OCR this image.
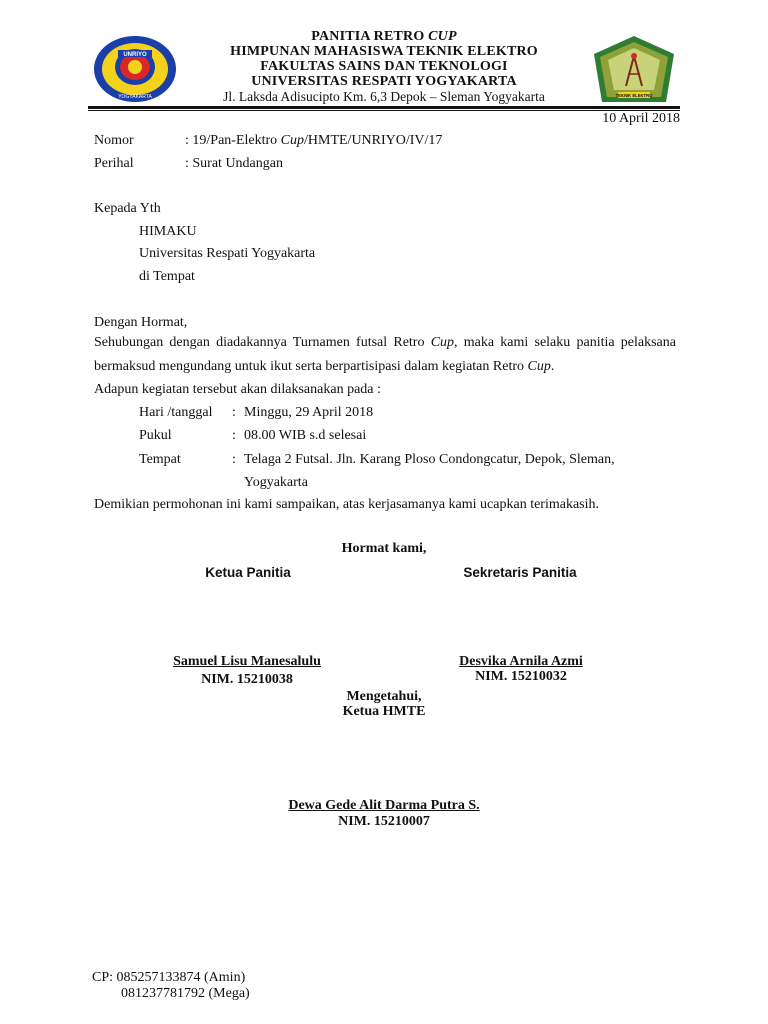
UNRIYO
YOGYAKARTA	TEKNIK ELEKTRO
PANITIA RETRO CUP
HIMPUNAN MAHASISWA TEKNIK ELEKTRO
FAKULTAS SAINS DAN TEKNOLOGI
UNIVERSITAS RESPATI YOGYAKARTA
Jl. Laksda Adisucipto Km. 6,3 Depok – Sleman Yogyakarta
10 April 2018
Nomor	: 19/Pan-Elektro Cup/HMTE/UNRIYO/IV/17
Perihal	: Surat Undangan
Kepada Yth
HIMAKU
Universitas Respati Yogyakarta
di Tempat
Dengan Hormat,
Sehubungan dengan diadakannya Turnamen futsal Retro Cup, maka kami selaku panitia pelaksana bermaksud mengundang untuk ikut serta berpartisipasi dalam kegiatan Retro Cup.
Adapun kegiatan tersebut akan dilaksanakan pada :
Hari /tanggal : Minggu, 29 April 2018
Pukul	: 08.00 WIB s.d selesai
Tempat	: Telaga 2 Futsal. Jln. Karang Ploso Condongcatur, Depok, Sleman,
Yogyakarta
Demikian permohonan ini kami sampaikan, atas kerjasamanya kami ucapkan terimakasih.
Hormat kami,
Ketua Panitia	Sekretaris Panitia
Samuel Lisu Manesalulu
NIM. 15210038
Desvika Arnila Azmi
NIM. 15210032
Mengetahui,
Ketua HMTE
Dewa Gede Alit Darma Putra S.
NIM. 15210007
CP: 085257133874 (Amin)
081237781792 (Mega)
